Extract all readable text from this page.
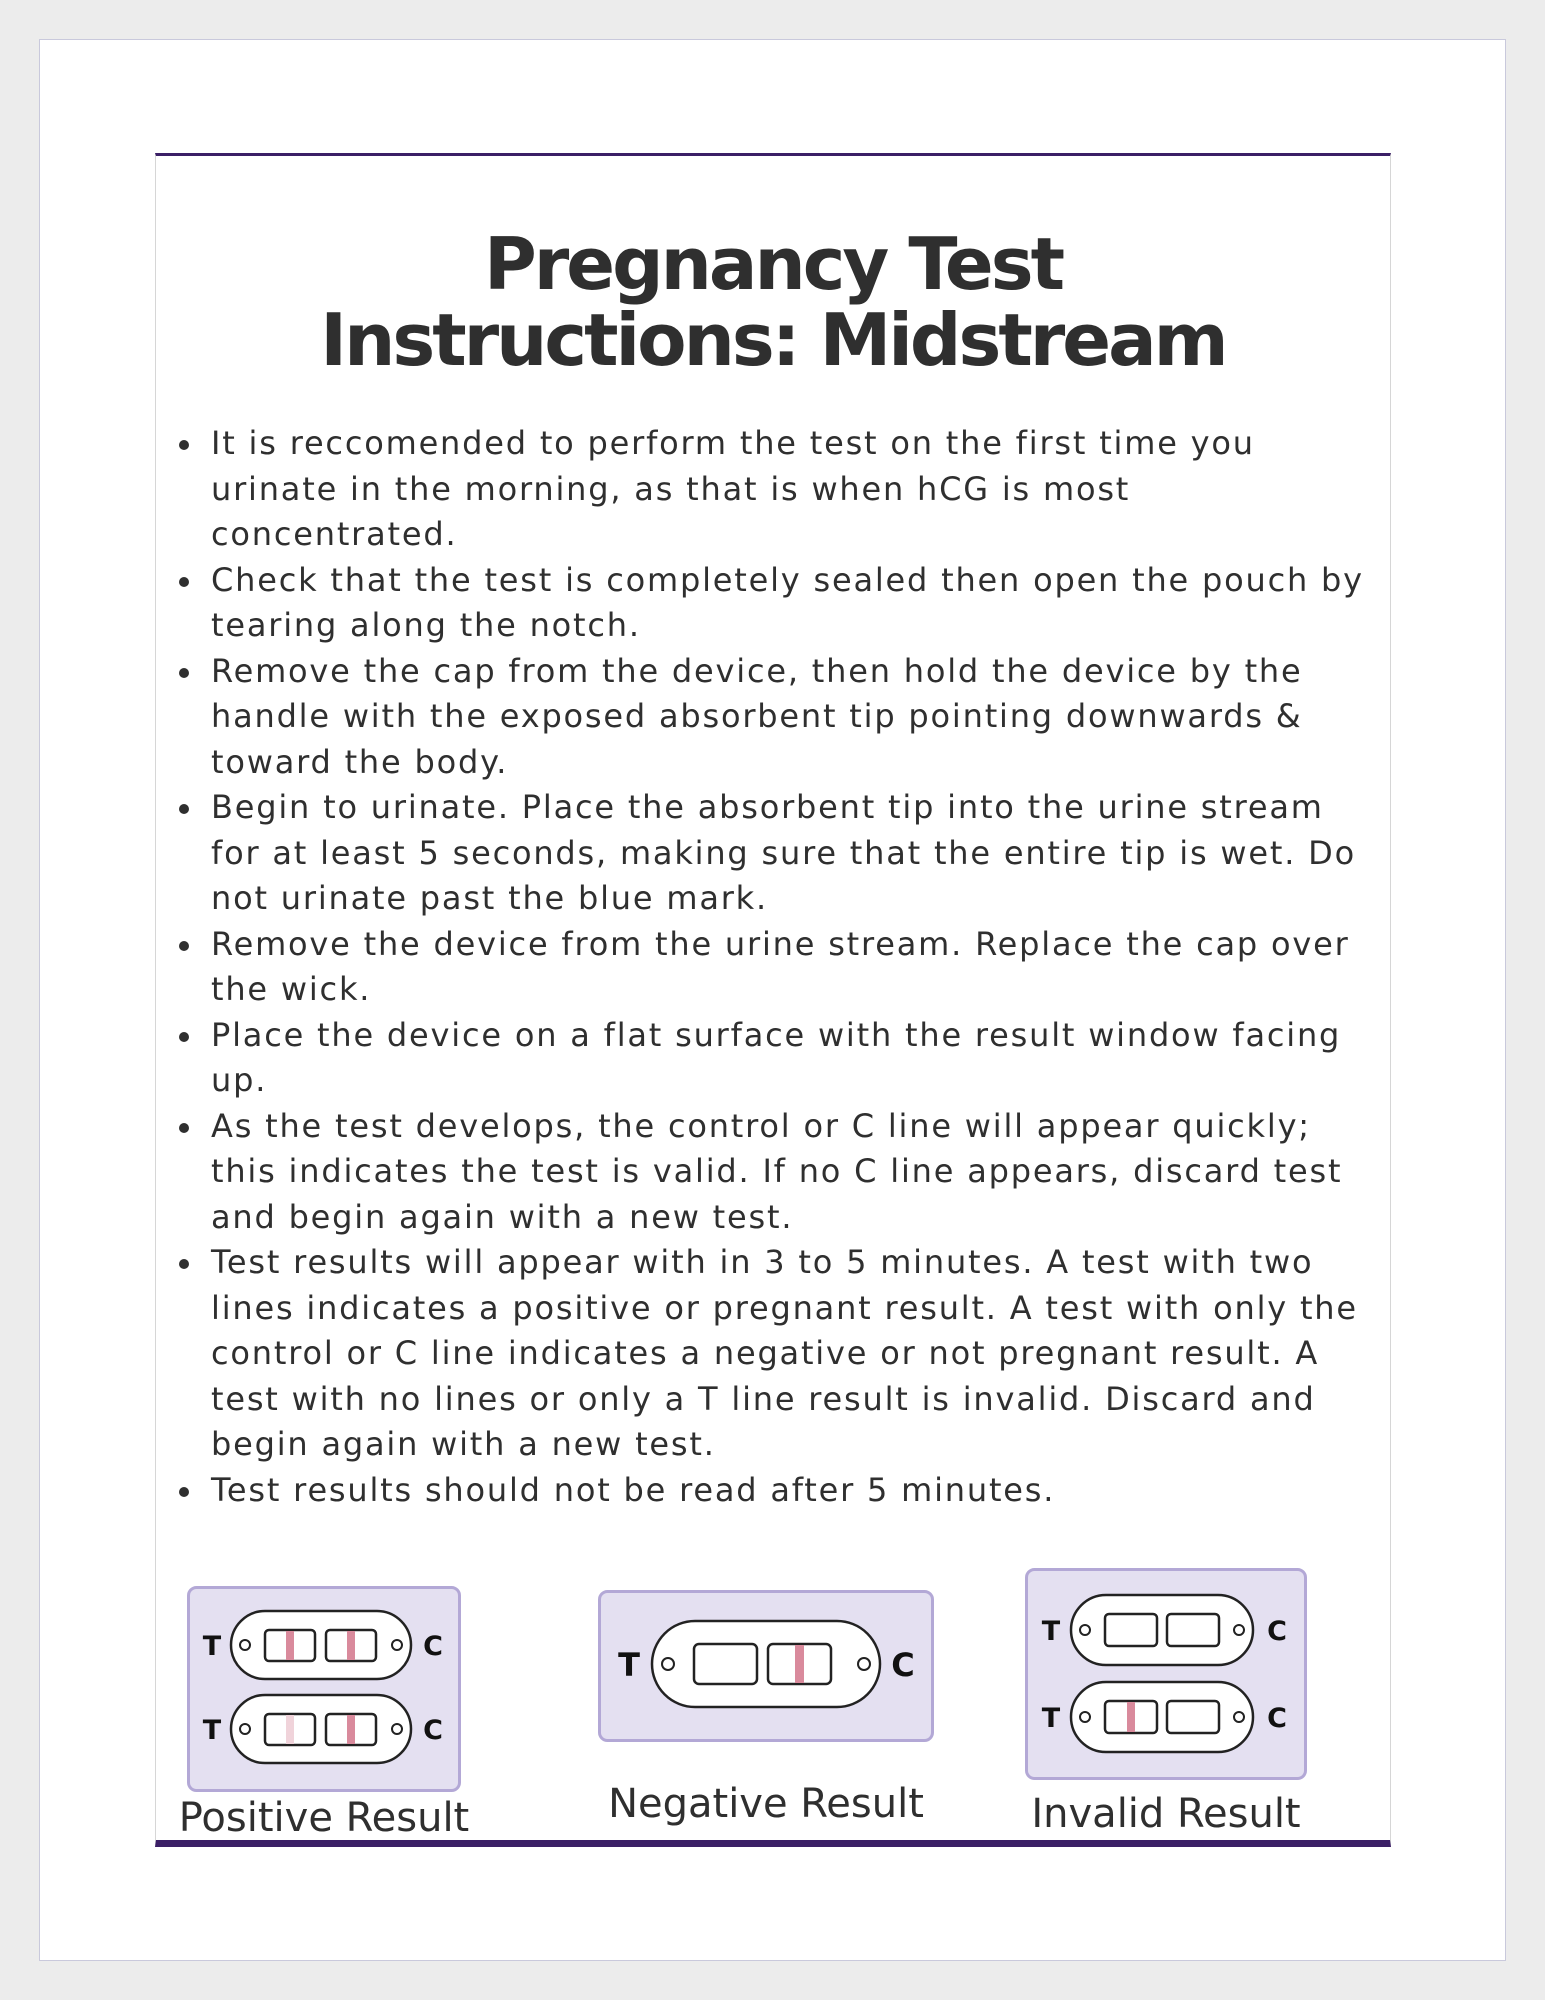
Pregnancy Test
Instructions: Midstream
It is reccomended to perform the test on the first time you urinate in the morning, as that is when hCG is most concentrated.
Check that the test is completely sealed then open the pouch by tearing along the notch.
Remove the cap from the device, then hold the device by the handle with the exposed absorbent tip pointing downwards & toward the body.
Begin to urinate. Place the absorbent tip into the urine stream for at least 5 seconds, making sure that the entire tip is wet. Do not urinate past the blue mark.
Remove the device from the urine stream. Replace the cap over the wick.
Place the device on a flat surface with the result window facing up.
As the test develops, the control or C line will appear quickly; this indicates the test is valid. If no C line appears, discard test and begin again with a new test.
Test results will appear with in 3 to 5 minutes. A test with two lines indicates a positive or pregnant result. A test with only the control or C line indicates a negative or not pregnant result. A test with no lines or only a T line result is invalid. Discard and begin again with a new test.
Test results should not be read after 5 minutes.
T	C
T	C
Positive Result
T	C
Negative Result
T	C
T	C
Invalid Result
